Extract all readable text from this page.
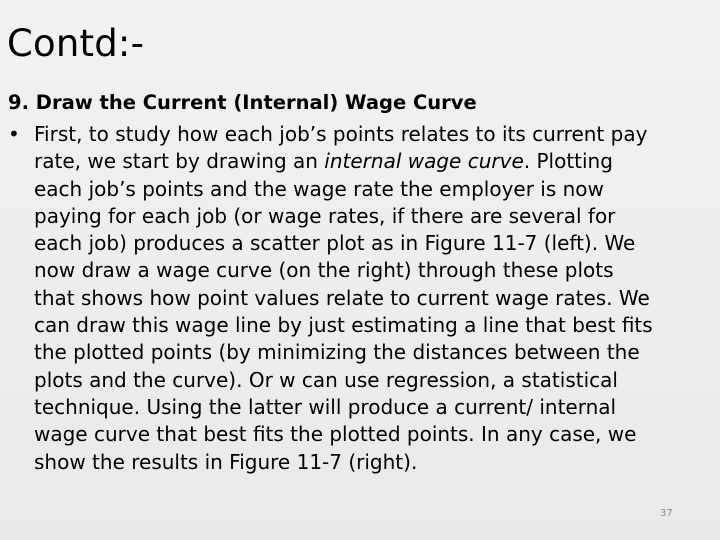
Contd:-
9. Draw the Current (Internal) Wage Curve
• First, to study how each job’s points relates to its current pay
rate, we start by drawing an internal wage curve. Plotting
each job’s points and the wage rate the employer is now
paying for each job (or wage rates, if there are several for
each job) produces a scatter plot as in Figure 11-7 (left). We
now draw a wage curve (on the right) through these plots
that shows how point values relate to current wage rates. We
can draw this wage line by just estimating a line that best fits
the plotted points (by minimizing the distances between the
plots and the curve). Or w can use regression, a statistical
technique. Using the latter will produce a current/ internal
wage curve that best fits the plotted points. In any case, we
show the results in Figure 11-7 (right).
37
